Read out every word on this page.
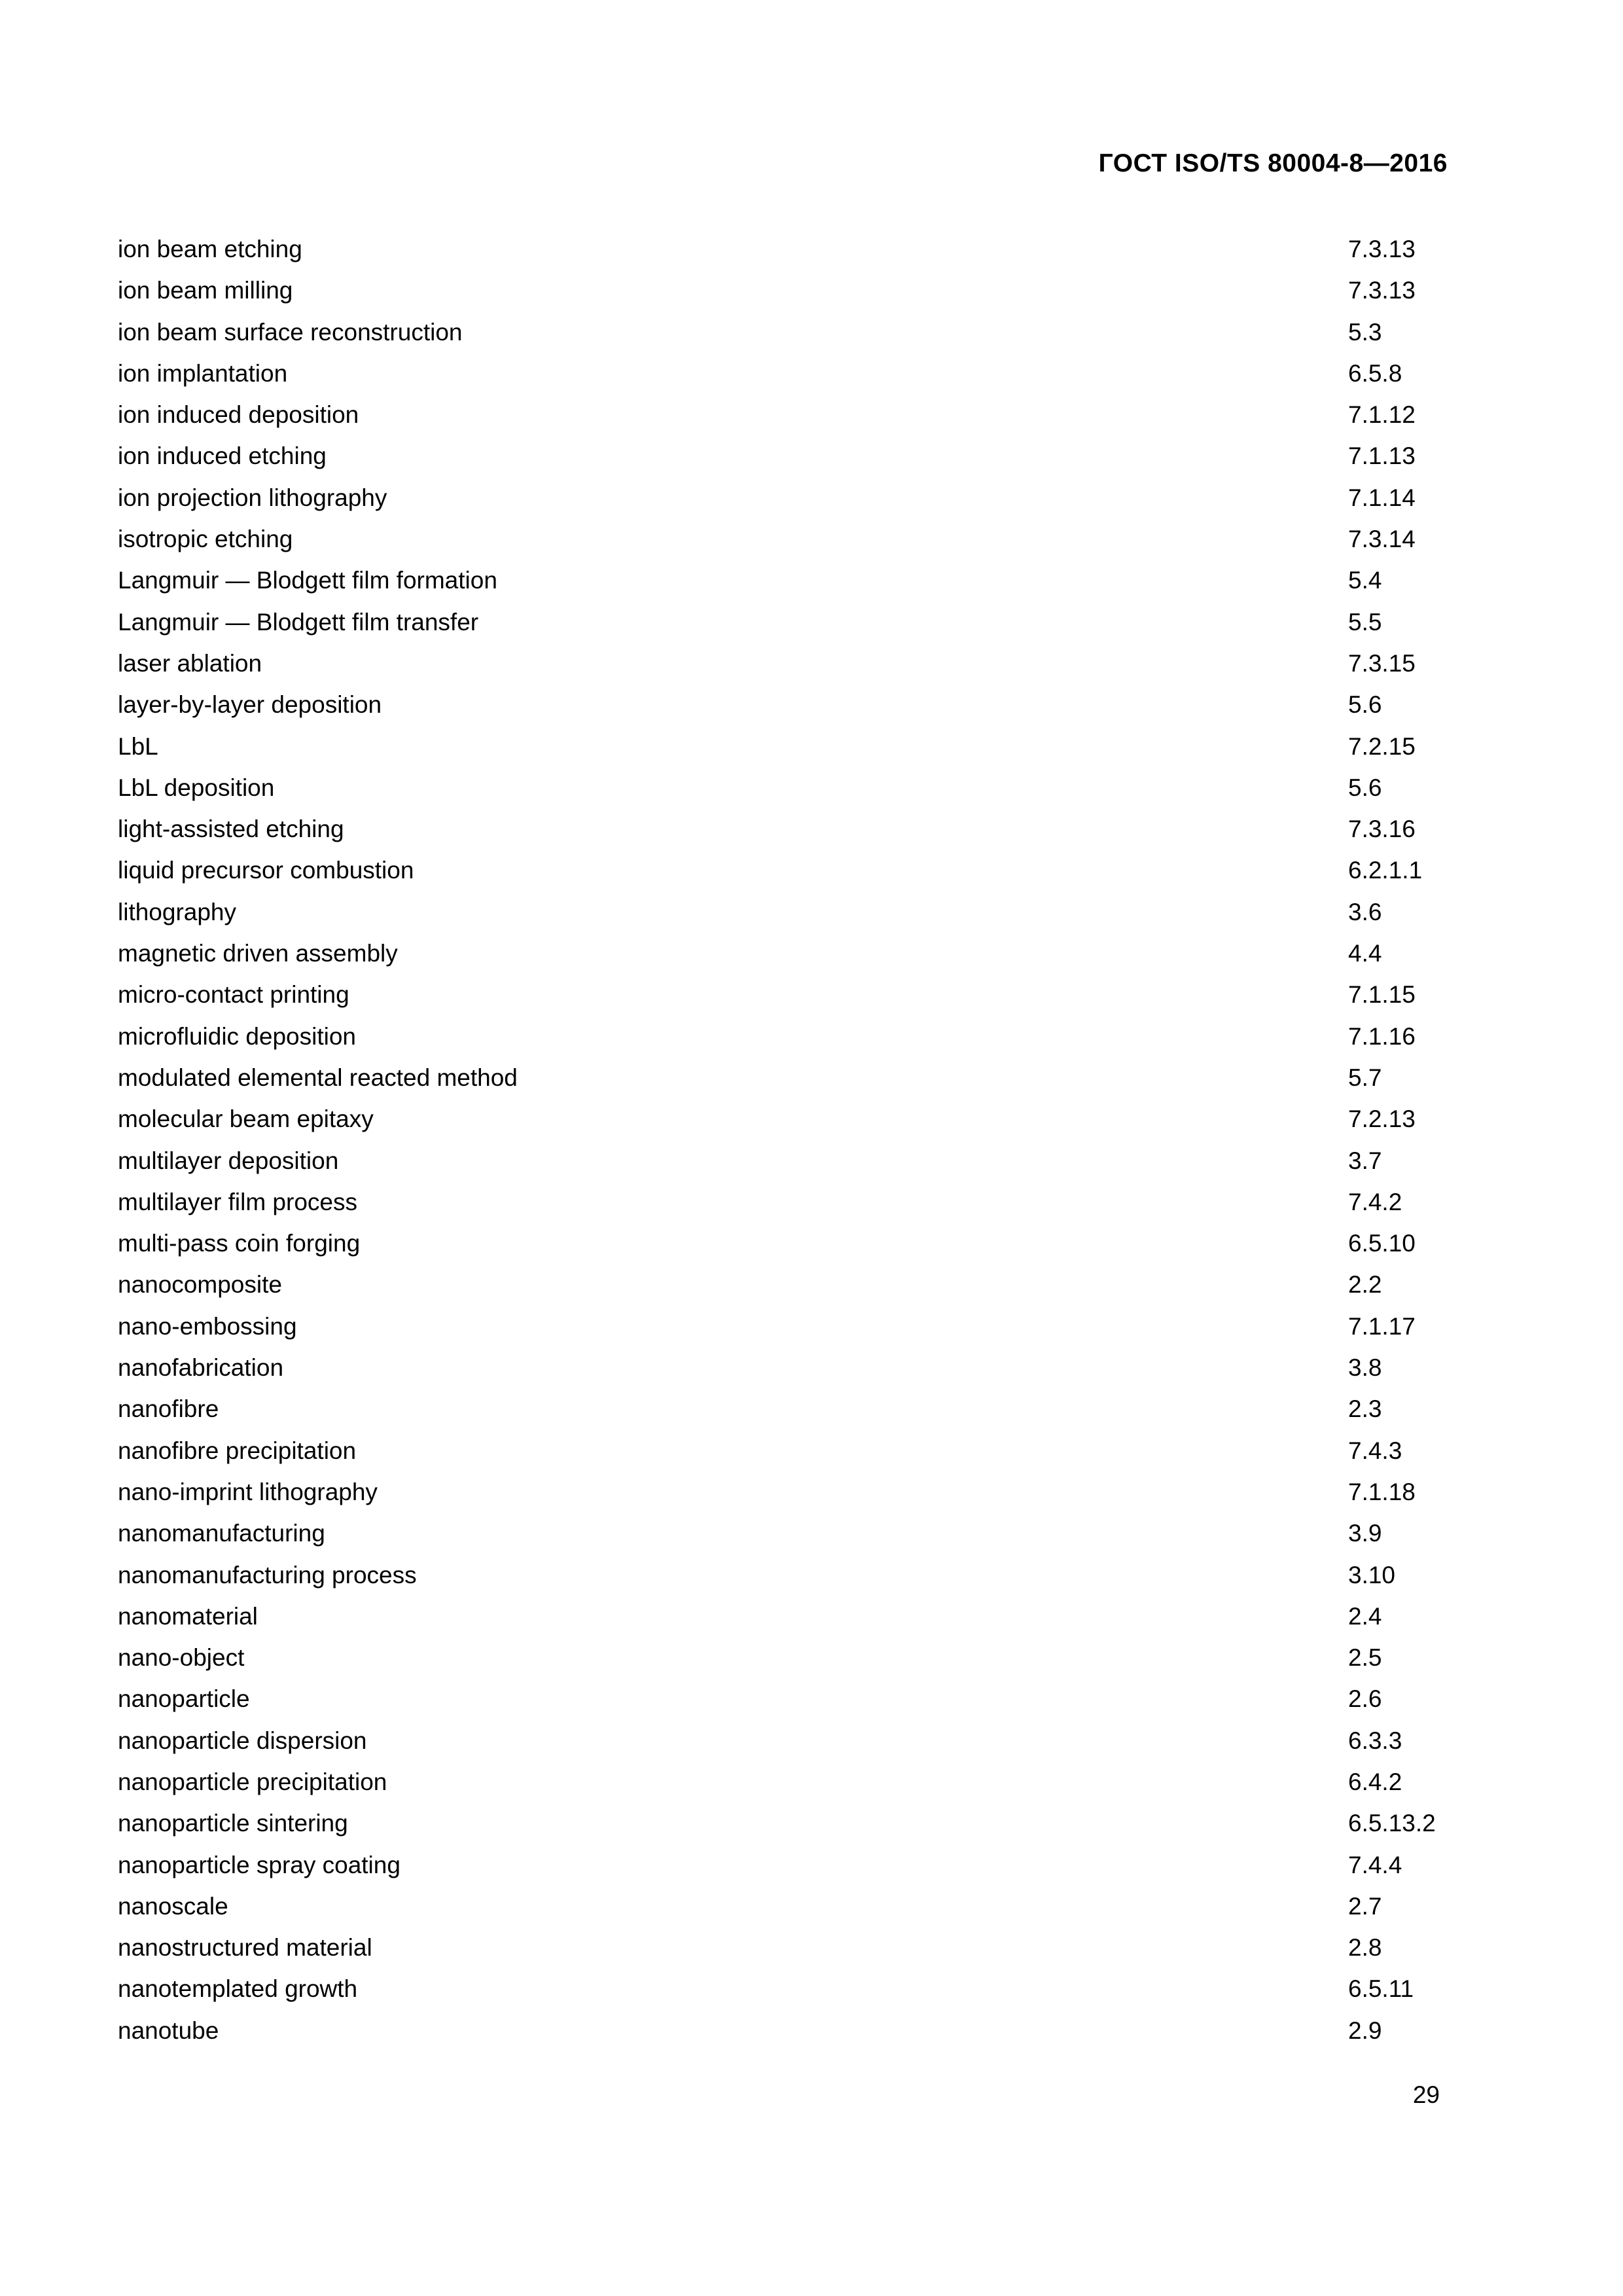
ГОСТ ISO/TS 80004-8—2016
ion beam etching	7.3.13
ion beam milling	7.3.13
ion beam surface reconstruction	5.3
ion implantation	6.5.8
ion induced deposition	7.1.12
ion induced etching	7.1.13
ion projection lithography	7.1.14
isotropic etching	7.3.14
Langmuir — Blodgett film formation	5.4
Langmuir — Blodgett film transfer	5.5
laser ablation	7.3.15
layer-by-layer deposition	5.6
LbL	7.2.15
LbL deposition	5.6
light-assisted etching	7.3.16
liquid precursor combustion	6.2.1.1
lithography	3.6
magnetic driven assembly	4.4
micro-contact printing	7.1.15
microfluidic deposition	7.1.16
modulated elemental reacted method	5.7
molecular beam epitaxy	7.2.13
multilayer deposition	3.7
multilayer film process	7.4.2
multi-pass coin forging	6.5.10
nanocomposite	2.2
nano-embossing	7.1.17
nanofabrication	3.8
nanofibre	2.3
nanofibre precipitation	7.4.3
nano-imprint lithography	7.1.18
nanomanufacturing	3.9
nanomanufacturing process	3.10
nanomaterial	2.4
nano-object	2.5
nanoparticle	2.6
nanoparticle dispersion	6.3.3
nanoparticle precipitation	6.4.2
nanoparticle sintering	6.5.13.2
nanoparticle spray coating	7.4.4
nanoscale	2.7
nanostructured material	2.8
nanotemplated growth	6.5.11
nanotube	2.9
29
